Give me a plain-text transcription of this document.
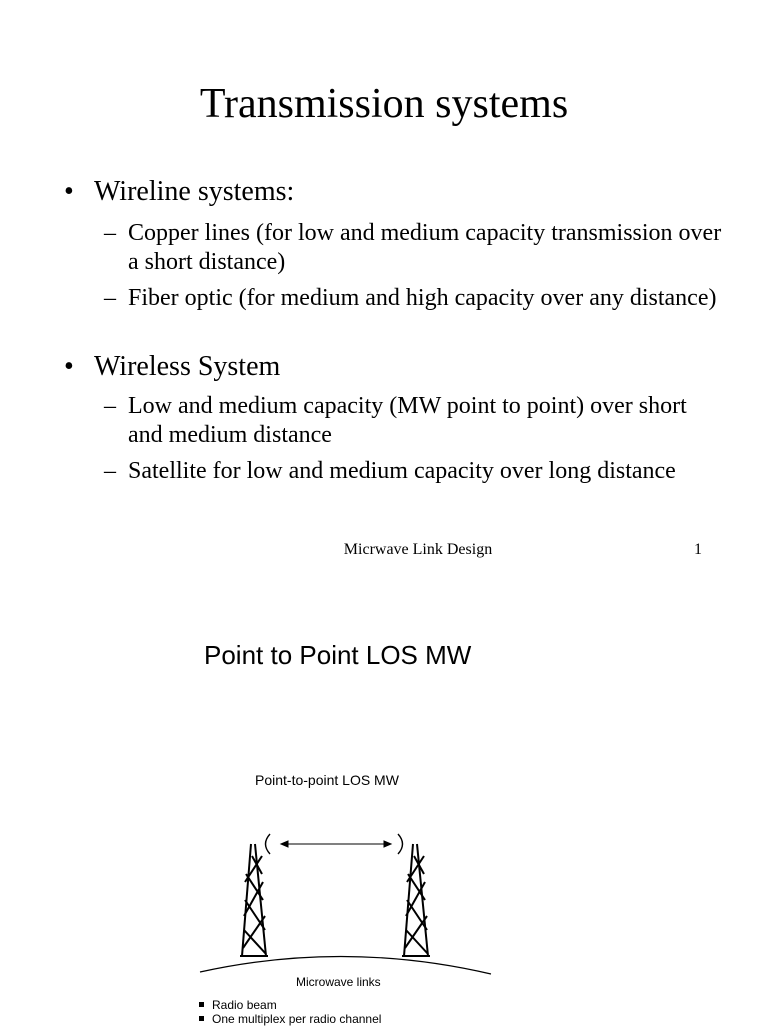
Transmission systems
• Wireline systems:
– Copper lines (for low and medium capacity transmission over a short distance)
– Fiber optic (for medium and high capacity over any distance)
• Wireless System
– Low and medium capacity (MW point to point) over short and medium distance
– Satellite for low and medium capacity over long distance
Micrwave Link Design	1
Point to Point LOS MW
Point-to-point LOS MW
Microwave links
Radio beam
One multiplex per radio channel
